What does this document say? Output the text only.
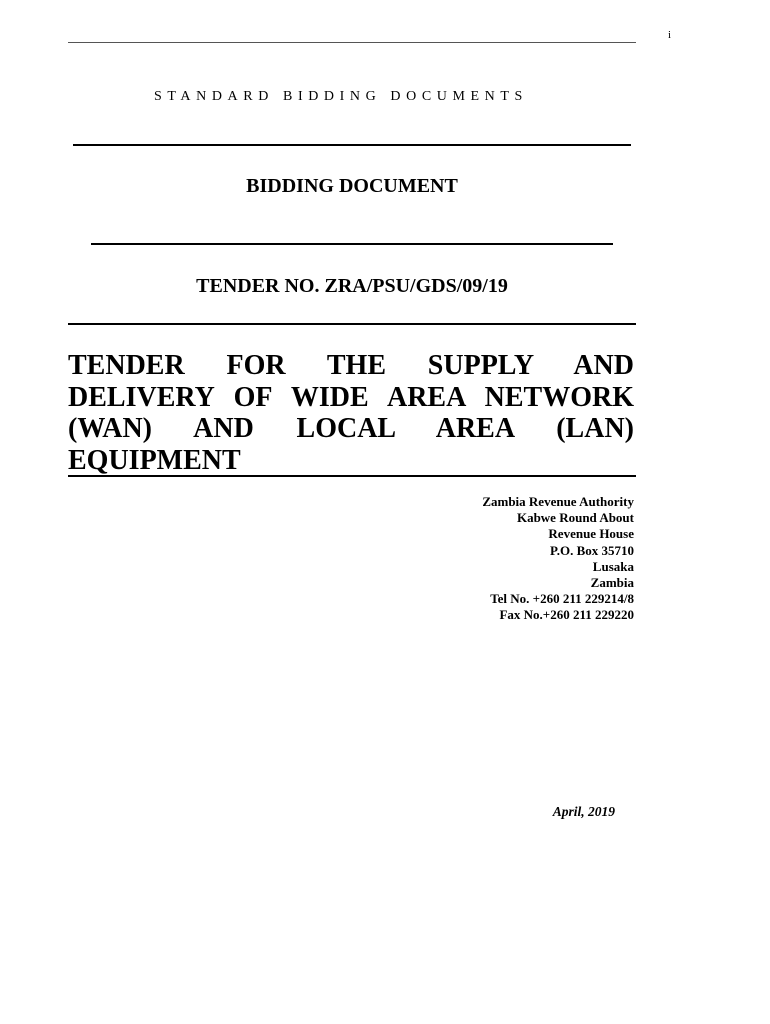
i
STANDARD BIDDING DOCUMENTS
BIDDING DOCUMENT
TENDER NO. ZRA/PSU/GDS/09/19

TENDER FOR THE SUPPLY AND DELIVERY OF WIDE AREA NETWORK (WAN) AND LOCAL AREA (LAN) EQUIPMENT

Zambia Revenue Authority
Kabwe Round About
Revenue House
P.O. Box 35710
Lusaka
Zambia
Tel No. +260 211 229214/8
Fax No.+260 211 229220
April, 2019
